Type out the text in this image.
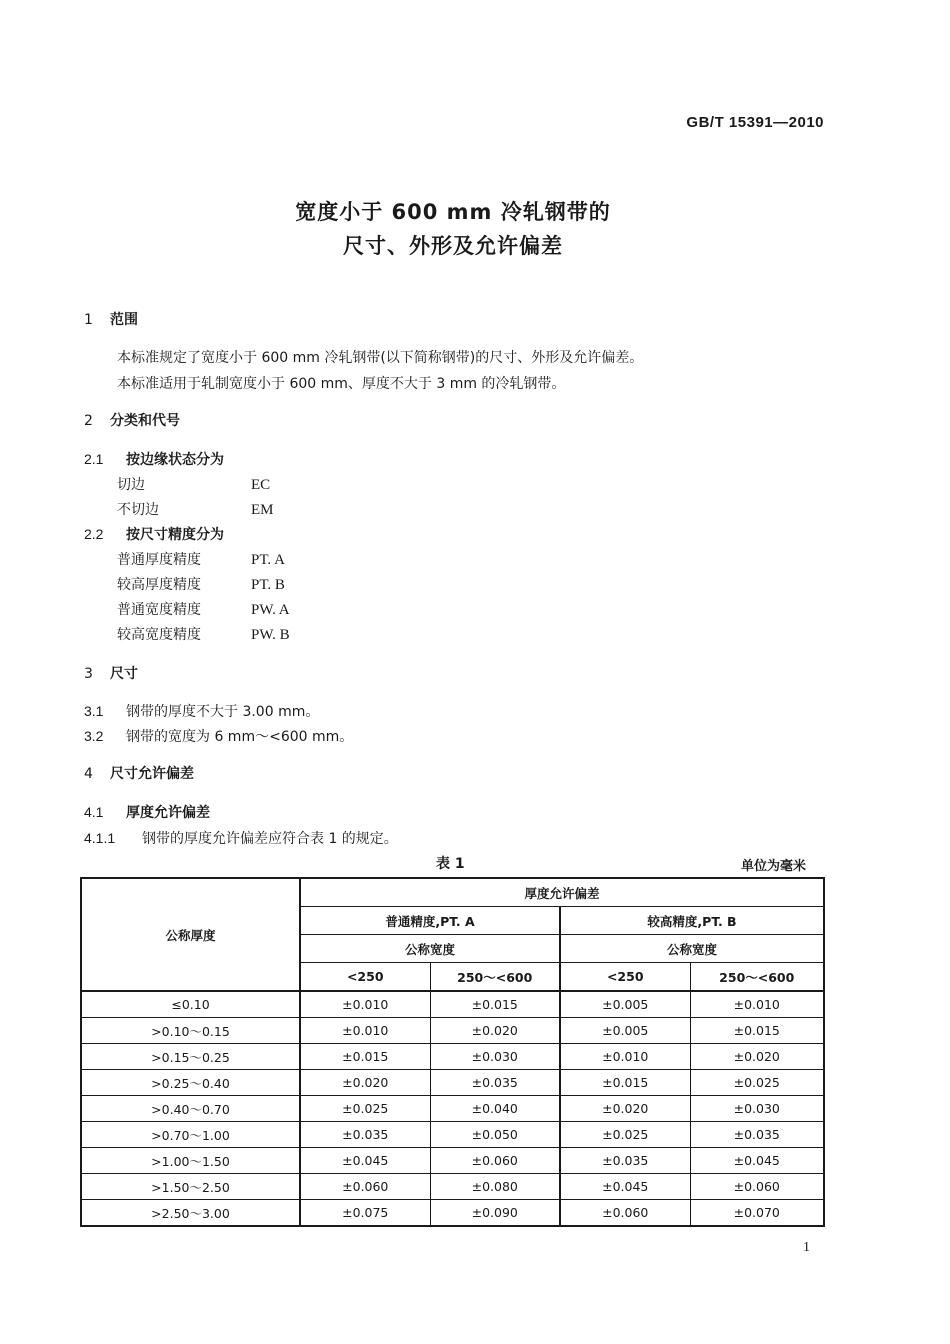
GB/T 15391—2010
宽度小于 600 mm 冷轧钢带的
尺寸、外形及允许偏差
1 范围
本标准规定了宽度小于 600 mm 冷轧钢带(以下简称钢带)的尺寸、外形及允许偏差。
本标准适用于轧制宽度小于 600 mm、厚度不大于 3 mm 的冷轧钢带。
2 分类和代号
2.1 按边缘状态分为
切边	EC
不切边	EM
2.2 按尺寸精度分为
普通厚度精度	PT. A
较高厚度精度	PT. B
普通宽度精度	PW. A
较高宽度精度	PW. B
3 尺寸
3.1 钢带的厚度不大于 3.00 mm。
3.2 钢带的宽度为 6 mm～<600 mm。
4 尺寸允许偏差
4.1 厚度允许偏差
4.1.1 钢带的厚度允许偏差应符合表 1 的规定。
表 1	单位为毫米
公称厚度	厚度允许偏差			
	普通精度,PT. A		较高精度,PT. B	
	公称宽度		公称宽度	
	<250	250～<600	<250	250～<600
≤0.10	±0.010	±0.015	±0.005	±0.010
>0.10～0.15	±0.010	±0.020	±0.005	±0.015
>0.15～0.25	±0.015	±0.030	±0.010	±0.020
>0.25～0.40	±0.020	±0.035	±0.015	±0.025
>0.40～0.70	±0.025	±0.040	±0.020	±0.030
>0.70～1.00	±0.035	±0.050	±0.025	±0.035
>1.00～1.50	±0.045	±0.060	±0.035	±0.045
>1.50～2.50	±0.060	±0.080	±0.045	±0.060
>2.50～3.00	±0.075	±0.090	±0.060	±0.070
1
